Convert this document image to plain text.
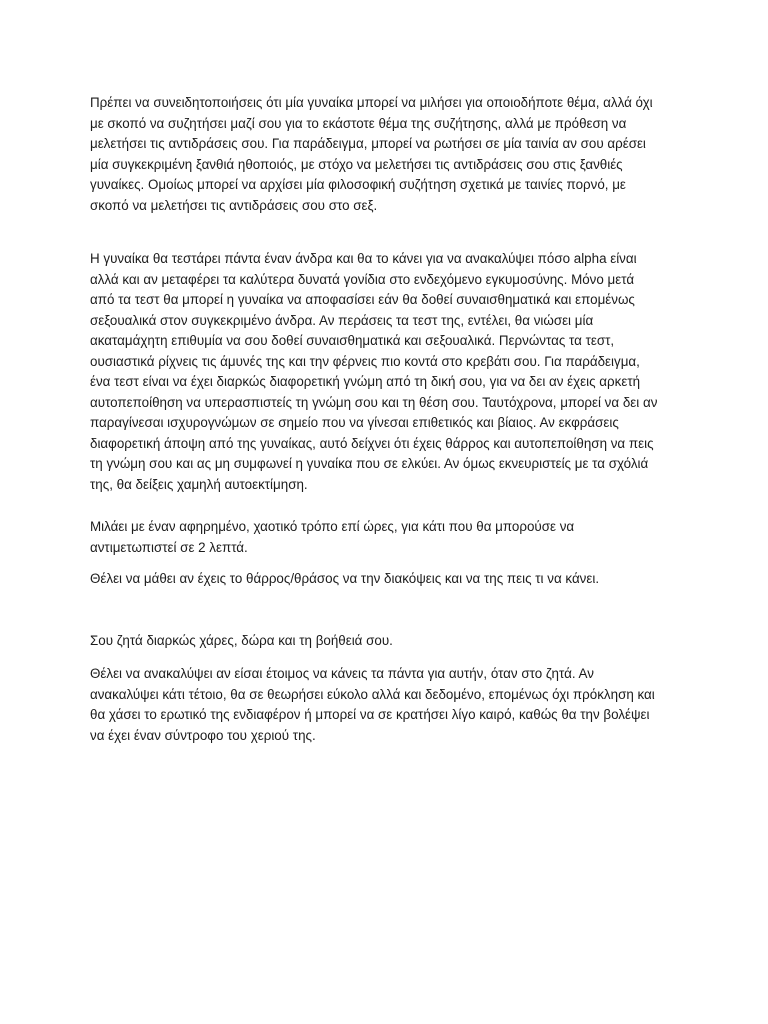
Πρέπει να συνειδητοποιήσεις ότι μία γυναίκα μπορεί να μιλήσει για οποιοδήποτε θέμα, αλλά όχι
με σκοπό να συζητήσει μαζί σου για το εκάστοτε θέμα της συζήτησης, αλλά με πρόθεση να
μελετήσει τις αντιδράσεις σου. Για παράδειγμα, μπορεί να ρωτήσει σε μία ταινία αν σου αρέσει
μία συγκεκριμένη ξανθιά ηθοποιός, με στόχο να μελετήσει τις αντιδράσεις σου στις ξανθιές
γυναίκες. Ομοίως μπορεί να αρχίσει μία φιλοσοφική συζήτηση σχετικά με ταινίες πορνό, με
σκοπό να μελετήσει τις αντιδράσεις σου στο σεξ.

Η γυναίκα θα τεστάρει πάντα έναν άνδρα και θα το κάνει για να ανακαλύψει πόσο alpha είναι
αλλά και αν μεταφέρει τα καλύτερα δυνατά γονίδια στο ενδεχόμενο εγκυμοσύνης. Μόνο μετά
από τα τεστ θα μπορεί η γυναίκα να αποφασίσει εάν θα δοθεί συναισθηματικά και επομένως
σεξουαλικά στον συγκεκριμένο άνδρα. Αν περάσεις τα τεστ της, εντέλει, θα νιώσει μία
ακαταμάχητη επιθυμία να σου δοθεί συναισθηματικά και σεξουαλικά. Περνώντας τα τεστ,
ουσιαστικά ρίχνεις τις άμυνές της και την φέρνεις πιο κοντά στο κρεβάτι σου. Για παράδειγμα,
ένα τεστ είναι να έχει διαρκώς διαφορετική γνώμη από τη δική σου, για να δει αν έχεις αρκετή
αυτοπεποίθηση να υπερασπιστείς τη γνώμη σου και τη θέση σου. Ταυτόχρονα, μπορεί να δει αν
παραγίνεσαι ισχυρογνώμων σε σημείο που να γίνεσαι επιθετικός και βίαιος. Αν εκφράσεις
διαφορετική άποψη από της γυναίκας, αυτό δείχνει ότι έχεις θάρρος και αυτοπεποίθηση να πεις
τη γνώμη σου και ας μη συμφωνεί η γυναίκα που σε ελκύει. Αν όμως εκνευριστείς με τα σχόλιά
της, θα δείξεις χαμηλή αυτοεκτίμηση.

Μιλάει με έναν αφηρημένο, χαοτικό τρόπο επί ώρες, για κάτι που θα μπορούσε να
αντιμετωπιστεί σε 2 λεπτά.

Θέλει να μάθει αν έχεις το θάρρος/θράσος να την διακόψεις και να της πεις τι να κάνει.

Σου ζητά διαρκώς χάρες, δώρα και τη βοήθειά σου.

Θέλει να ανακαλύψει αν είσαι έτοιμος να κάνεις τα πάντα για αυτήν, όταν στο ζητά. Αν
ανακαλύψει κάτι τέτοιο, θα σε θεωρήσει εύκολο αλλά και δεδομένο, επομένως όχι πρόκληση και
θα χάσει το ερωτικό της ενδιαφέρον ή μπορεί να σε κρατήσει λίγο καιρό, καθώς θα την βολέψει
να έχει έναν σύντροφο του χεριού της.
